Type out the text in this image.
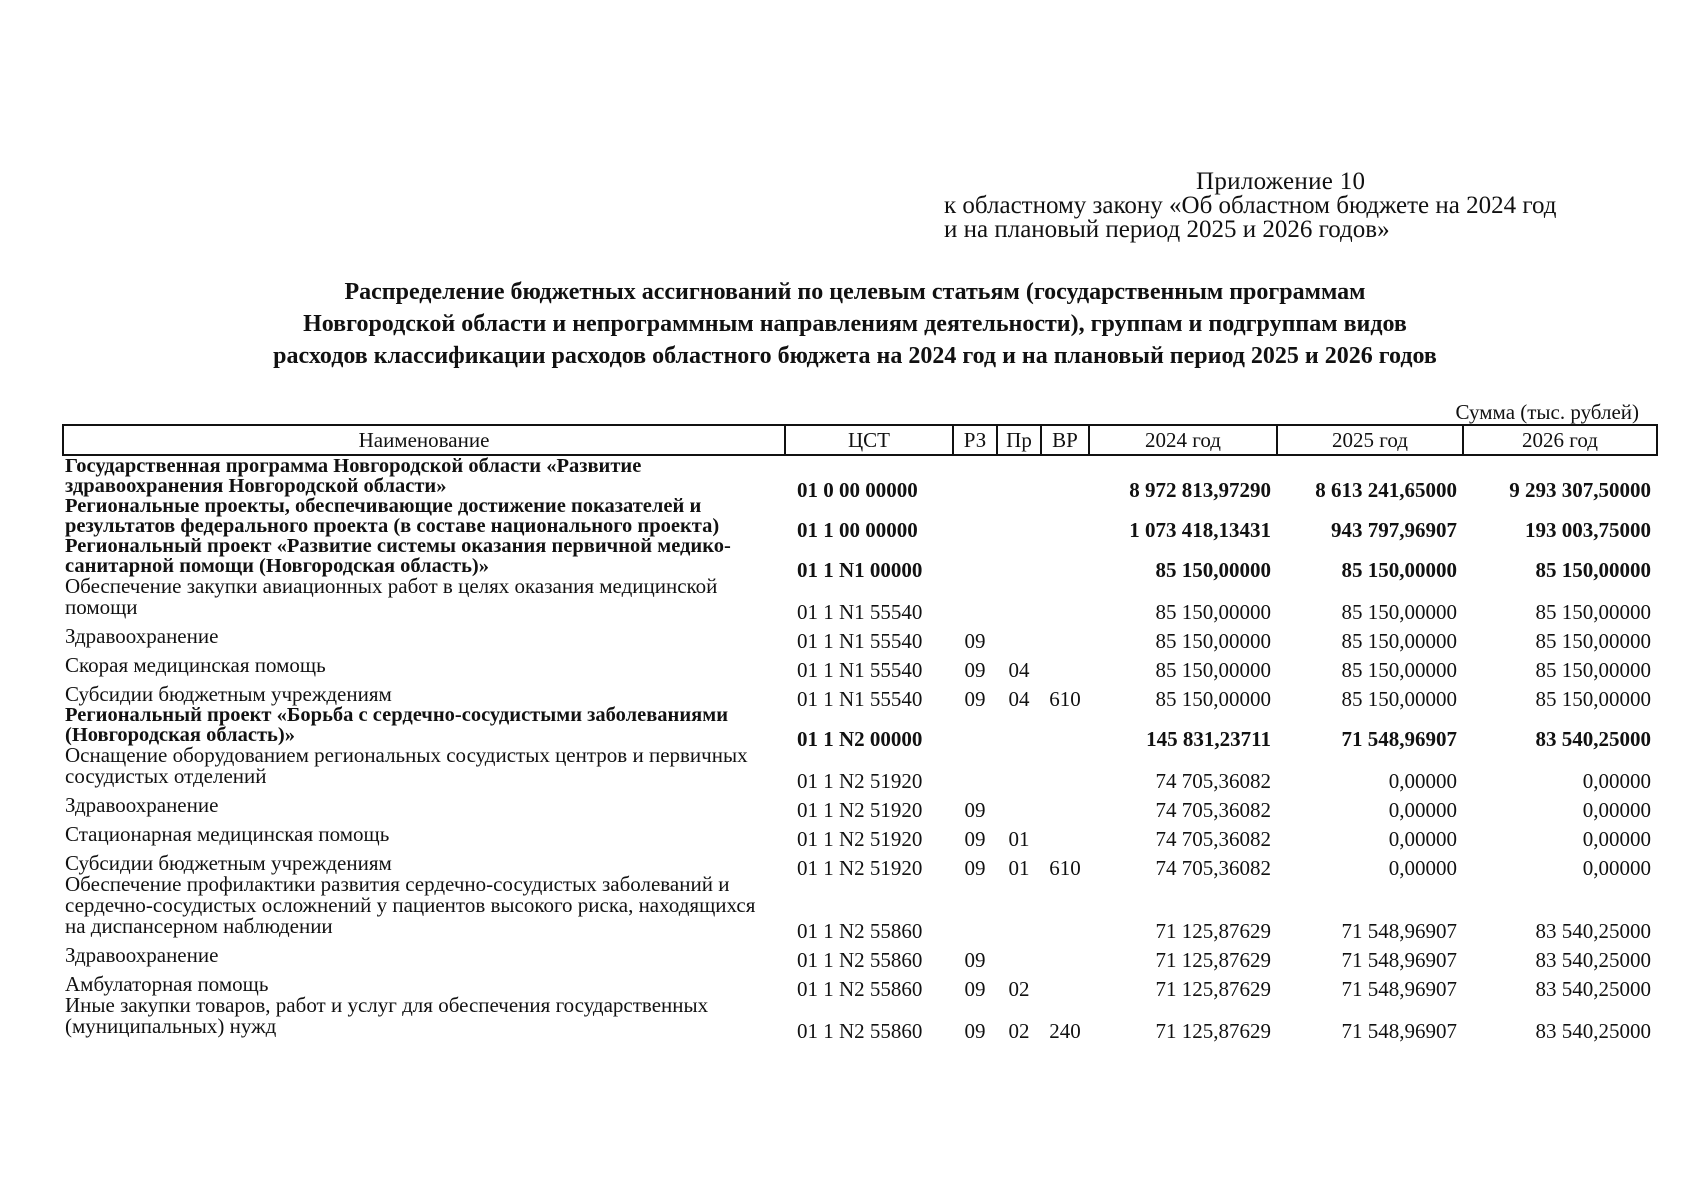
Приложение 10
к областному закону «Об областном бюджете на 2024 год
и на плановый период 2025 и 2026 годов»
Распределение бюджетных ассигнований по целевым статьям (государственным программам
Новгородской области и непрограммным направлениям деятельности), группам и подгруппам видов
расходов классификации расходов областного бюджета на 2024 год и на плановый период 2025 и 2026 годов
Сумма (тыс. рублей)
Наименование	ЦСТ	РЗ	Пр	ВР	2024 год	2025 год	2026 год
Государственная программа Новгородской области «Развитие здравоохранения Новгородской области»	01 0 00 00000				8 972 813,97290	8 613 241,65000	9 293 307,50000
Региональные проекты, обеспечивающие достижение показателей и результатов федерального проекта (в составе национального проекта)	01 1 00 00000				1 073 418,13431	943 797,96907	193 003,75000
Региональный проект «Развитие системы оказания первичной медико-санитарной помощи (Новгородская область)»	01 1 N1 00000				85 150,00000	85 150,00000	85 150,00000
Обеспечение закупки авиационных работ в целях оказания медицинской помощи	01 1 N1 55540				85 150,00000	85 150,00000	85 150,00000
Здравоохранение	01 1 N1 55540	09			85 150,00000	85 150,00000	85 150,00000
Скорая медицинская помощь	01 1 N1 55540	09	04		85 150,00000	85 150,00000	85 150,00000
Субсидии бюджетным учреждениям	01 1 N1 55540	09	04	610	85 150,00000	85 150,00000	85 150,00000
Региональный проект «Борьба с сердечно-сосудистыми заболеваниями (Новгородская область)»	01 1 N2 00000				145 831,23711	71 548,96907	83 540,25000
Оснащение оборудованием региональных сосудистых центров и первичных сосудистых отделений	01 1 N2 51920				74 705,36082	0,00000	0,00000
Здравоохранение	01 1 N2 51920	09			74 705,36082	0,00000	0,00000
Стационарная медицинская помощь	01 1 N2 51920	09	01		74 705,36082	0,00000	0,00000
Субсидии бюджетным учреждениям	01 1 N2 51920	09	01	610	74 705,36082	0,00000	0,00000
Обеспечение профилактики развития сердечно-сосудистых заболеваний и сердечно-сосудистых осложнений у пациентов высокого риска, находящихся на диспансерном наблюдении	01 1 N2 55860				71 125,87629	71 548,96907	83 540,25000
Здравоохранение	01 1 N2 55860	09			71 125,87629	71 548,96907	83 540,25000
Амбулаторная помощь	01 1 N2 55860	09	02		71 125,87629	71 548,96907	83 540,25000
Иные закупки товаров, работ и услуг для обеспечения государственных (муниципальных) нужд	01 1 N2 55860	09	02	240	71 125,87629	71 548,96907	83 540,25000
